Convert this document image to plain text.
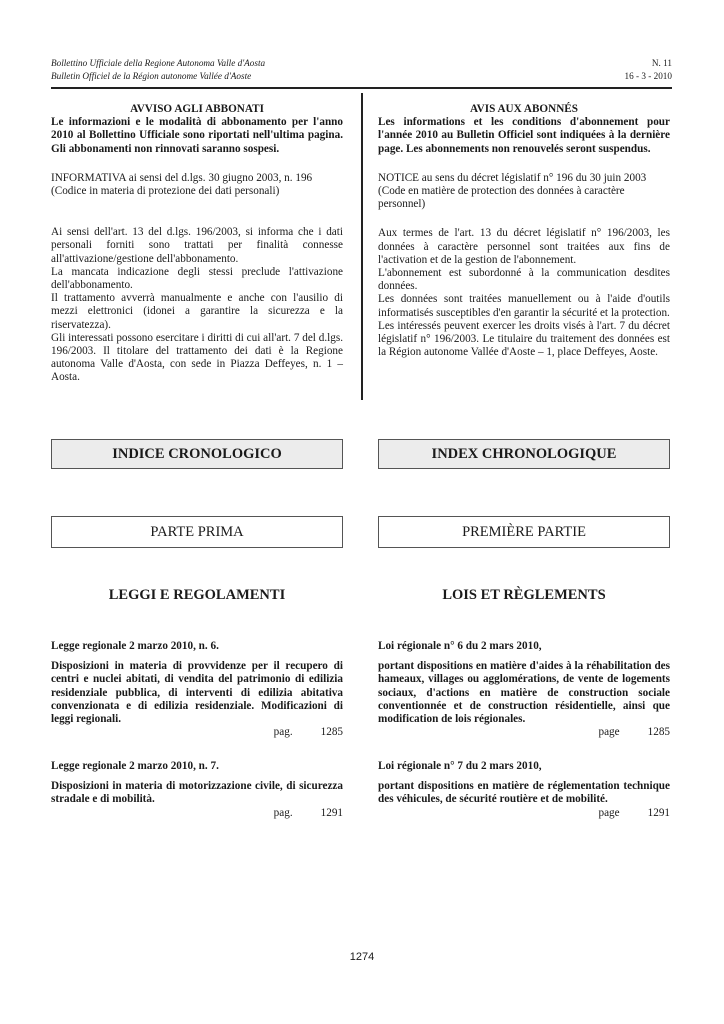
Bollettino Ufficiale della Regione Autonoma Valle d'Aosta
Bulletin Officiel de la Région autonome Vallée d'Aoste
N. 11
16 - 3 - 2010

AVVISO AGLI ABBONATI

Le informazioni e le modalità di abbonamento per l'anno 2010 al Bollettino Ufficiale sono riportati nell'ultima pagina. Gli abbonamenti non rinnovati saranno sospesi.

INFORMATIVA ai sensi del d.lgs. 30 giugno 2003, n. 196 (Codice in materia di protezione dei dati personali)

Ai sensi dell'art. 13 del d.lgs. 196/2003, si informa che i dati personali forniti sono trattati per finalità connesse all'attivazione/gestione dell'abbonamento.

La mancata indicazione degli stessi preclude l'attivazione dell'abbonamento.

Il trattamento avverrà manualmente e anche con l'ausilio di mezzi elettronici (idonei a garantire la sicurezza e la riservatezza).

Gli interessati possono esercitare i diritti di cui all'art. 7 del d.lgs. 196/2003. Il titolare del trattamento dei dati è la Regione autonoma Valle d'Aosta, con sede in Piazza Deffeyes, n. 1 – Aosta.

AVIS AUX ABONNÉS

Les informations et les conditions d'abonnement pour l'année 2010 au Bulletin Officiel sont indiquées à la dernière page. Les abonnements non renouvelés seront suspendus.

NOTICE au sens du décret législatif n° 196 du 30 juin 2003 (Code en matière de protection des données à caractère personnel)

Aux termes de l'art. 13 du décret législatif n° 196/2003, les données à caractère personnel sont traitées aux fins de l'activation et de la gestion de l'abonnement.

L'abonnement est subordonné à la communication desdites données.

Les données sont traitées manuellement ou à l'aide d'outils informatisés susceptibles d'en garantir la sécurité et la protection.

Les intéressés peuvent exercer les droits visés à l'art. 7 du décret législatif n° 196/2003. Le titulaire du traitement des données est la Région autonome Vallée d'Aoste – 1, place Deffeyes, Aoste.

INDICE CRONOLOGICO	INDEX CHRONOLOGIQUE
PARTE PRIMA	PREMIÈRE PARTIE
LEGGI E REGOLAMENTI	LOIS ET RÈGLEMENTS

Legge regionale 2 marzo 2010, n. 6.

Disposizioni in materia di provvidenze per il recupero di centri e nuclei abitati, di vendita del patrimonio di edilizia residenziale pubblica, di interventi di edilizia abitativa convenzionata e di edilizia residenziale. Modificazioni di leggi regionali.

pag.	1285

Legge regionale 2 marzo 2010, n. 7.

Disposizioni in materia di motorizzazione civile, di sicurezza stradale e di mobilità.

pag.	1291

Loi régionale n° 6 du 2 mars 2010,

portant dispositions en matière d'aides à la réhabilitation des hameaux, villages ou agglomérations, de vente de logements sociaux, d'actions en matière de construction sociale conventionnée et de construction résidentielle, ainsi que modification de lois régionales.

page	1285

Loi régionale n° 7 du 2 mars 2010,

portant dispositions en matière de réglementation technique des véhicules, de sécurité routière et de mobilité.

page	1291

1274
